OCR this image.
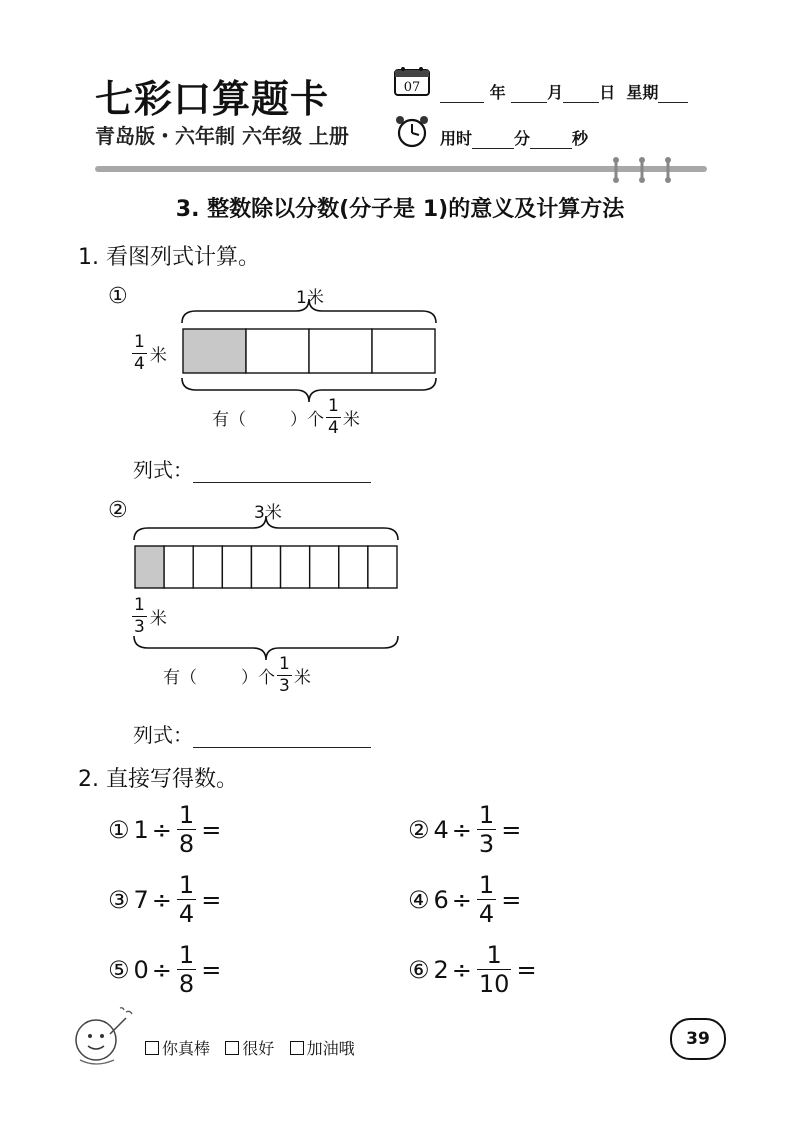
七彩口算题卡
青岛版・六年制 六年级 上册
07	年	月 日 星期
用时	分	秒
3. 整数除以分数(分子是 1)的意义及计算方法
1. 看图列式计算。
①	1米
$\frac{1}{4}$ 米
有（	）个 $\frac{1}{4}$ 米
列式：
②	3米
$\frac{1}{3}$ 米
有（	）个 $\frac{1}{3}$ 米
列式：
2. 直接写得数。
① $1 \div \frac{1}{8}$ =	② $4 \div \frac{1}{3}$ =
③ $7 \div \frac{1}{4}$ =	④ $6 \div \frac{1}{4}$ =
⑤ $0 \div \frac{1}{8}$ =	⑥ $2 \div \frac{1}{10}$ =
你真棒 很好 加油哦	39
